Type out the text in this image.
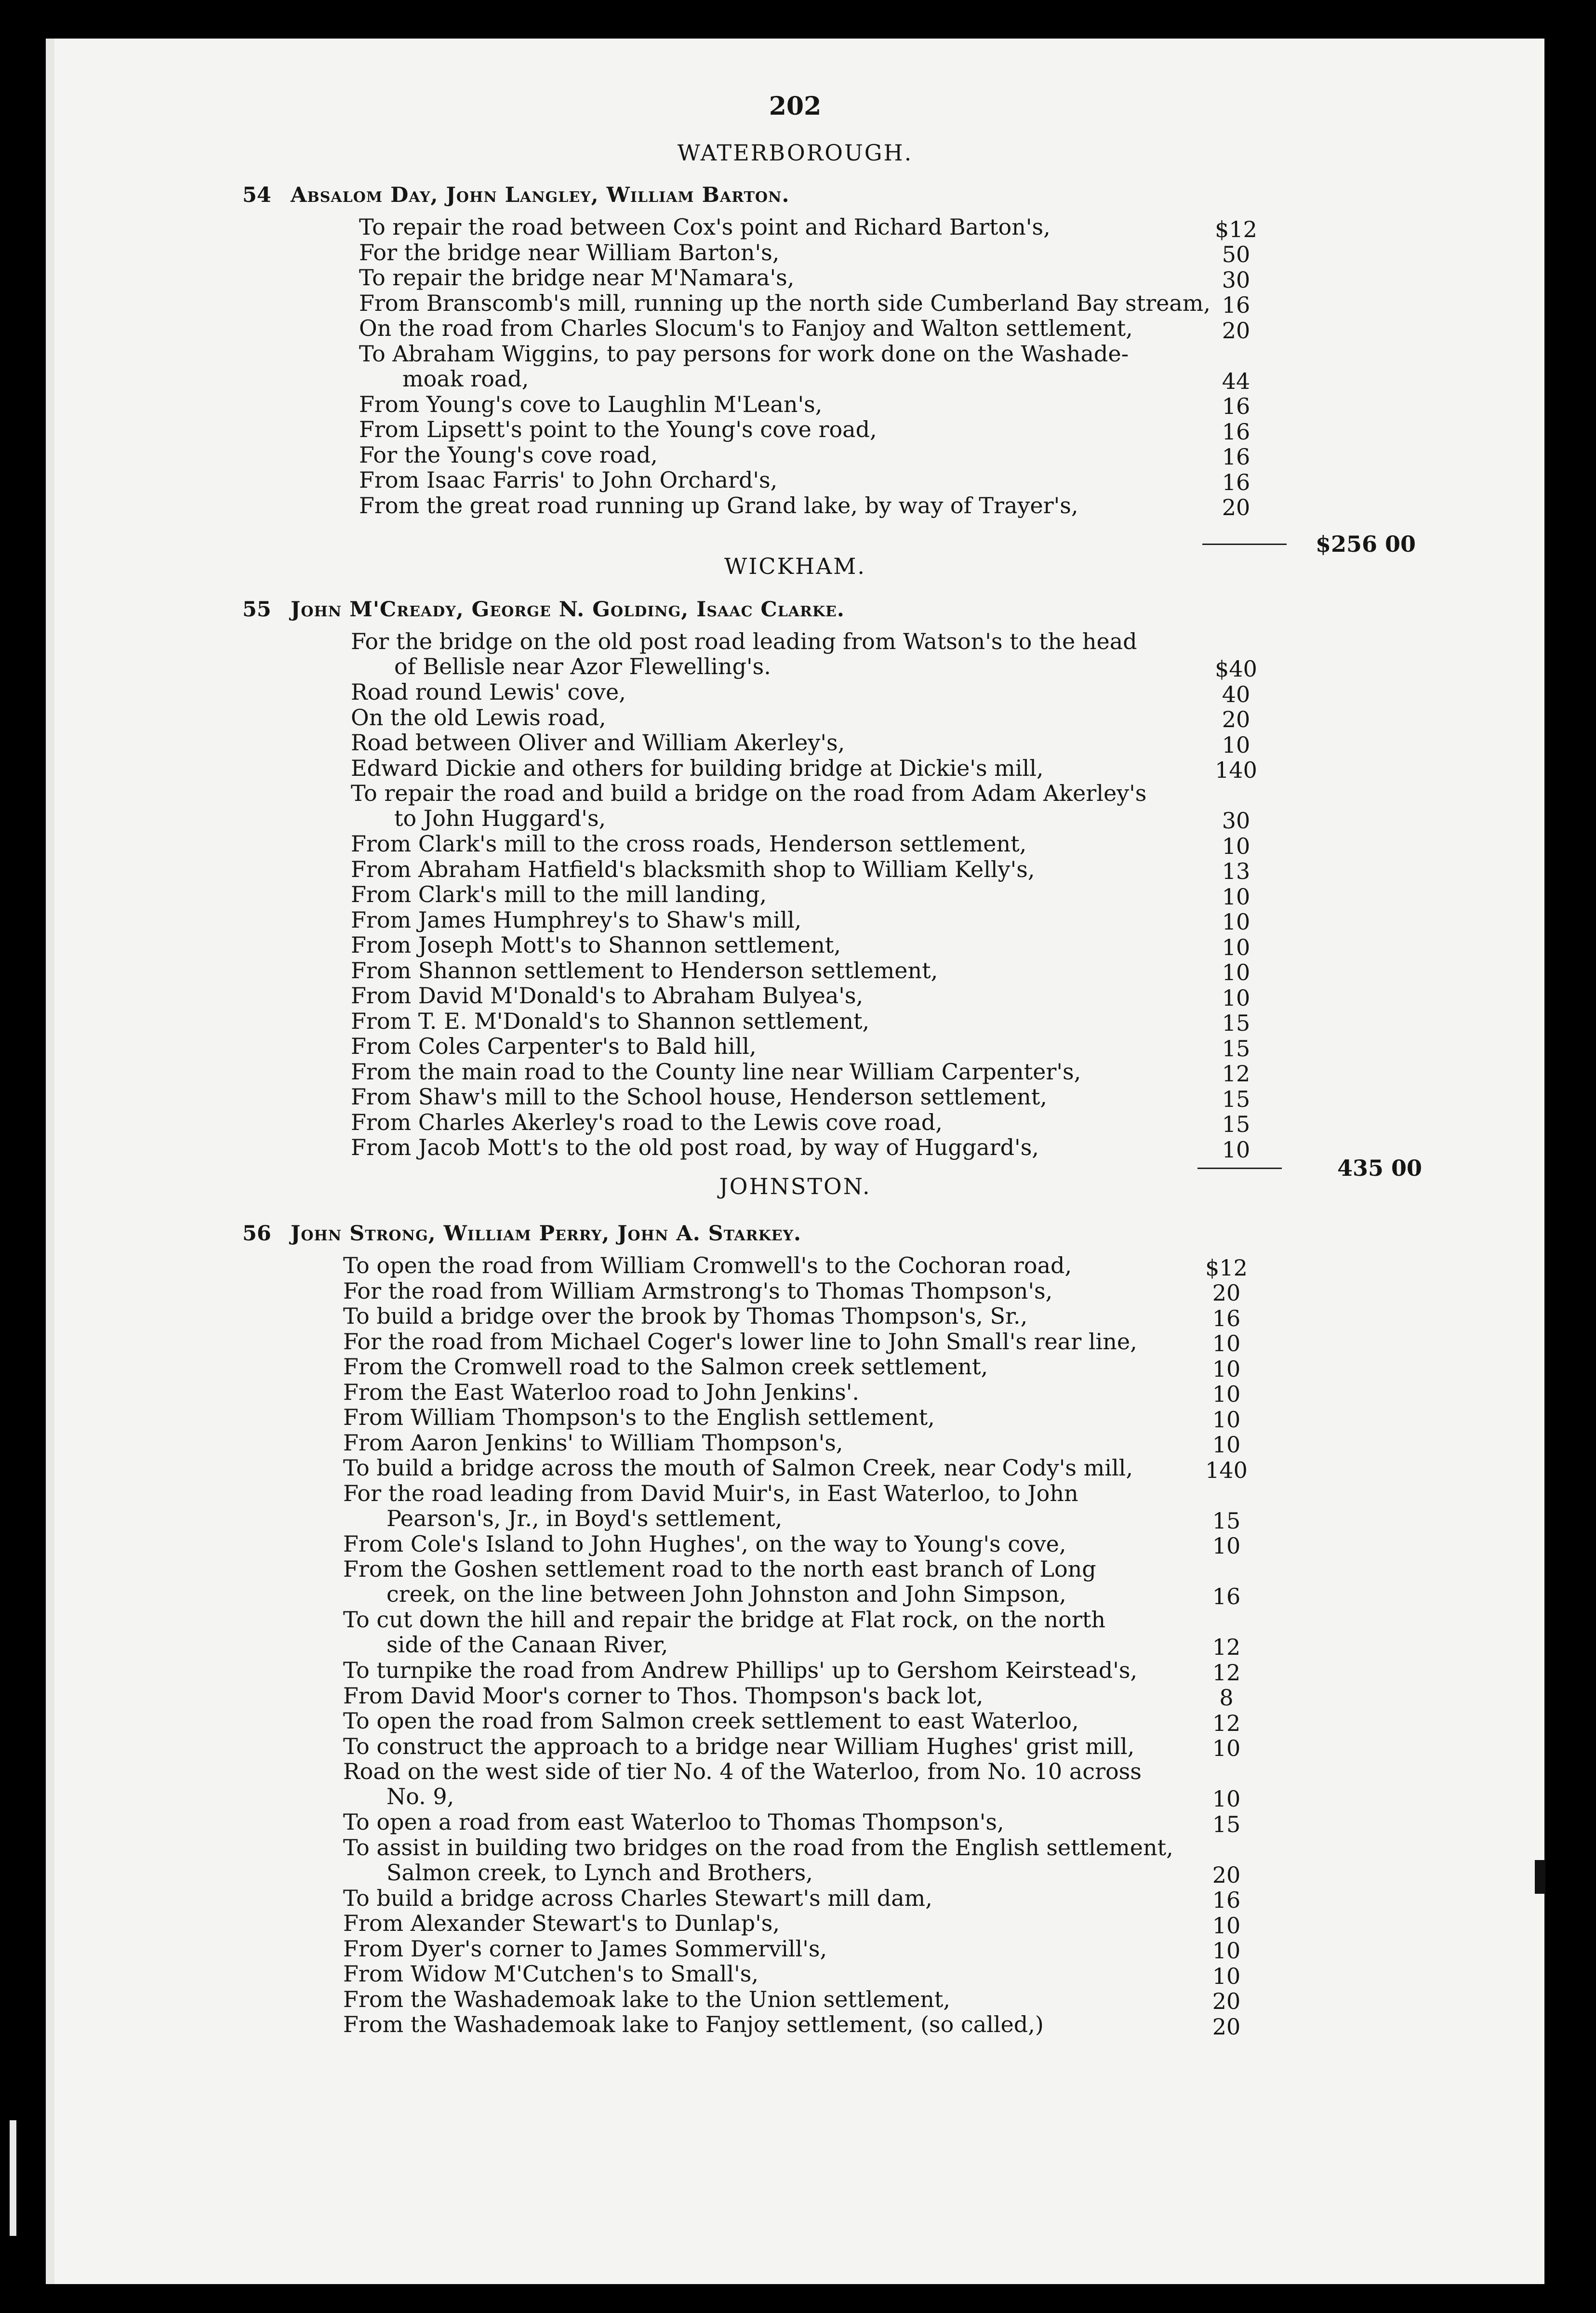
202
WATERBOROUGH.
54 Absalom Day, John Langley, William Barton.
To repair the road between Cox's point and Richard Barton's,	$12
For the bridge near William Barton's,	50
To repair the bridge near M'Namara's,	30
From Branscomb's mill, running up the north side Cumberland Bay stream, 16
On the road from Charles Slocum's to Fanjoy and Walton settlement,	20
To Abraham Wiggins, to pay persons for work done on the Washade-
moak road,	44
From Young's cove to Laughlin M'Lean's,	16
From Lipsett's point to the Young's cove road,	16
For the Young's cove road,	16
From Isaac Farris' to John Orchard's,	16
From the great road running up Grand lake, by way of Trayer's,	20
$256 00
WICKHAM.
55 John M'Cready, George N. Golding, Isaac Clarke.
For the bridge on the old post road leading from Watson's to the head
of Bellisle near Azor Flewelling's.	$40
Road round Lewis' cove,	40
On the old Lewis road,	20
Road between Oliver and William Akerley's,	10
Edward Dickie and others for building bridge at Dickie's mill,	140
To repair the road and build a bridge on the road from Adam Akerley's
to John Huggard's,	30
From Clark's mill to the cross roads, Henderson settlement,	10
From Abraham Hatfield's blacksmith shop to William Kelly's,	13
From Clark's mill to the mill landing,	10
From James Humphrey's to Shaw's mill,	10
From Joseph Mott's to Shannon settlement,	10
From Shannon settlement to Henderson settlement,	10
From David M'Donald's to Abraham Bulyea's,	10
From T. E. M'Donald's to Shannon settlement,	15
From Coles Carpenter's to Bald hill,	15
From the main road to the County line near William Carpenter's,	12
From Shaw's mill to the School house, Henderson settlement,	15
From Charles Akerley's road to the Lewis cove road,	15
From Jacob Mott's to the old post road, by way of Huggard's,	10
435 00
JOHNSTON.
56 John Strong, William Perry, John A. Starkey.
To open the road from William Cromwell's to the Cochoran road,	$12
For the road from William Armstrong's to Thomas Thompson's,	20
To build a bridge over the brook by Thomas Thompson's, Sr.,	16
For the road from Michael Coger's lower line to John Small's rear line,	10
From the Cromwell road to the Salmon creek settlement,	10
From the East Waterloo road to John Jenkins'.	10
From William Thompson's to the English settlement,	10
From Aaron Jenkins' to William Thompson's,	10
To build a bridge across the mouth of Salmon Creek, near Cody's mill,	140
For the road leading from David Muir's, in East Waterloo, to John
Pearson's, Jr., in Boyd's settlement,	15
From Cole's Island to John Hughes', on the way to Young's cove,	10
From the Goshen settlement road to the north east branch of Long
creek, on the line between John Johnston and John Simpson,	16
To cut down the hill and repair the bridge at Flat rock, on the north
side of the Canaan River,	12
To turnpike the road from Andrew Phillips' up to Gershom Keirstead's,	12
From David Moor's corner to Thos. Thompson's back lot,	8
To open the road from Salmon creek settlement to east Waterloo,	12
To construct the approach to a bridge near William Hughes' grist mill,	10
Road on the west side of tier No. 4 of the Waterloo, from No. 10 across
No. 9,	10
To open a road from east Waterloo to Thomas Thompson's,	15
To assist in building two bridges on the road from the English settlement,
Salmon creek, to Lynch and Brothers,	20
To build a bridge across Charles Stewart's mill dam,	16
From Alexander Stewart's to Dunlap's,	10
From Dyer's corner to James Sommervill's,	10
From Widow M'Cutchen's to Small's,	10
From the Washademoak lake to the Union settlement,	20
From the Washademoak lake to Fanjoy settlement, (so called,)	20
